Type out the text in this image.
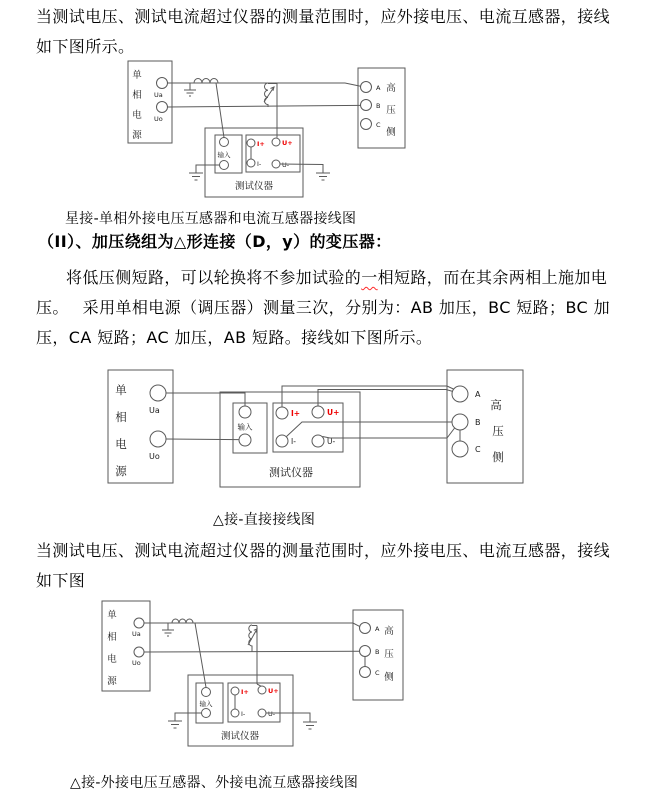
当测试电压、测试电流超过仪器的测量范围时，应外接电压、电流互感器，接线
如下图所示。
单
相
电
源
Ua
Uo
A
B
C
高
压
侧
输入
I+	U+
I-	U-
测试仪器
星接-单相外接电压互感器和电流互感器接线图
（II）、加压绕组为△形连接（D，y）的变压器：
将低压侧短路，可以轮换将不参加试验的一相短路，而在其余两相上施加电
压。　 采用单相电源（调压器）测量三次，分别为：AB 加压，BC 短路；BC 加
压，CA 短路；AC 加压，AB 短路。接线如下图所示。
单
相
电
源
Ua
Uo
输入
I+	U+
I-	U-
测试仪器
A
B
C
高
压
侧
△接-直接接线图
当测试电压、测试电流超过仪器的测量范围时，应外接电压、电流互感器，接线
如下图
单
相
电
源
Ua
Uo
A
B
C
高
压
侧
输入
I+	U+
I-	U-
测试仪器
△接-外接电压互感器、外接电流互感器接线图
